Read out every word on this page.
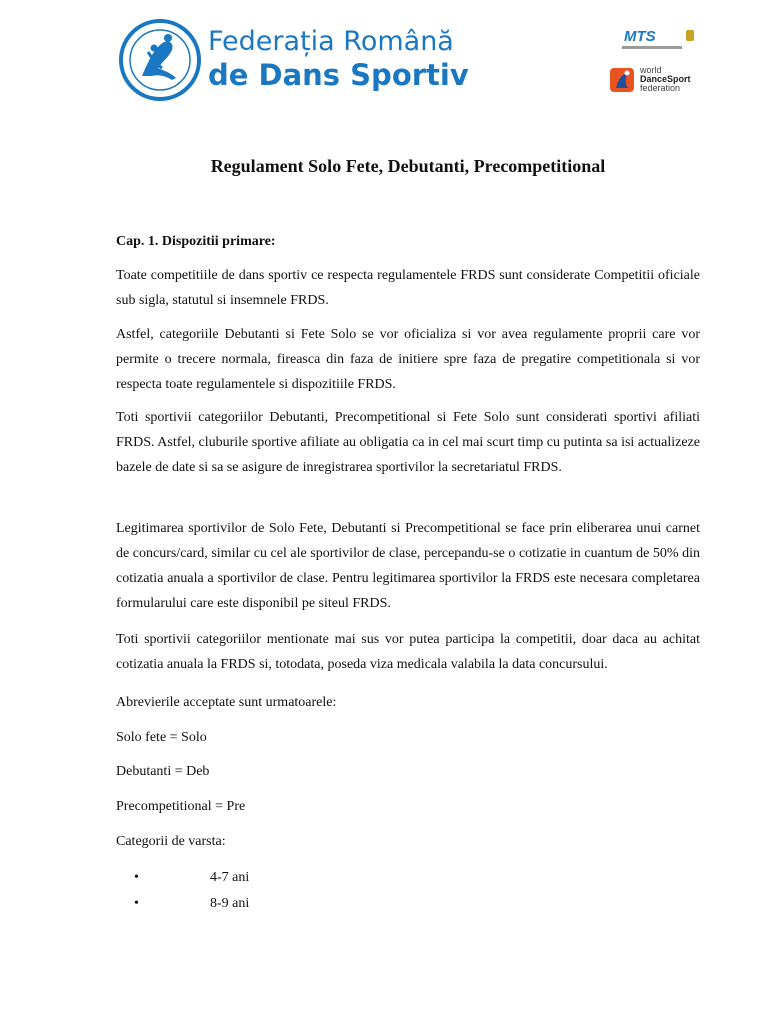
Federația Română
de Dans Sportiv
MTS
world
DanceSport
federation
Regulament Solo Fete, Debutanti, Precompetitional

Cap. 1. Dispozitii primare:

Toate competitiile de dans sportiv ce respecta regulamentele FRDS sunt considerate Competitii oficiale sub sigla, statutul si insemnele FRDS.

Astfel, categoriile Debutanti si Fete Solo se vor oficializa si vor avea regulamente proprii care vor permite o trecere normala, fireasca din faza de initiere spre faza de pregatire competitionala si vor respecta toate regulamentele si dispozitiile FRDS.

Toti sportivii categoriilor Debutanti, Precompetitional si Fete Solo sunt considerati sportivi afiliati FRDS. Astfel, cluburile sportive afiliate au obligatia ca in cel mai scurt timp cu putinta sa isi actualizeze bazele de date si sa se asigure de inregistrarea sportivilor la secretariatul FRDS.

Legitimarea sportivilor de Solo Fete, Debutanti si Precompetitional se face prin eliberarea unui carnet de concurs/card, similar cu cel ale sportivilor de clase, percepandu-se o cotizatie in cuantum de 50% din cotizatia anuala a sportivilor de clase. Pentru legitimarea sportivilor la FRDS este necesara completarea formularului care este disponibil pe siteul FRDS.

Toti sportivii categoriilor mentionate mai sus vor putea participa la competitii, doar daca au achitat cotizatia anuala la FRDS si, totodata, poseda viza medicala valabila la data concursului.

Abrevierile acceptate sunt urmatoarele:

Solo fete = Solo

Debutanti = Deb

Precompetitional = Pre

Categorii de varsta:

•	4-7 ani
•	8-9 ani
